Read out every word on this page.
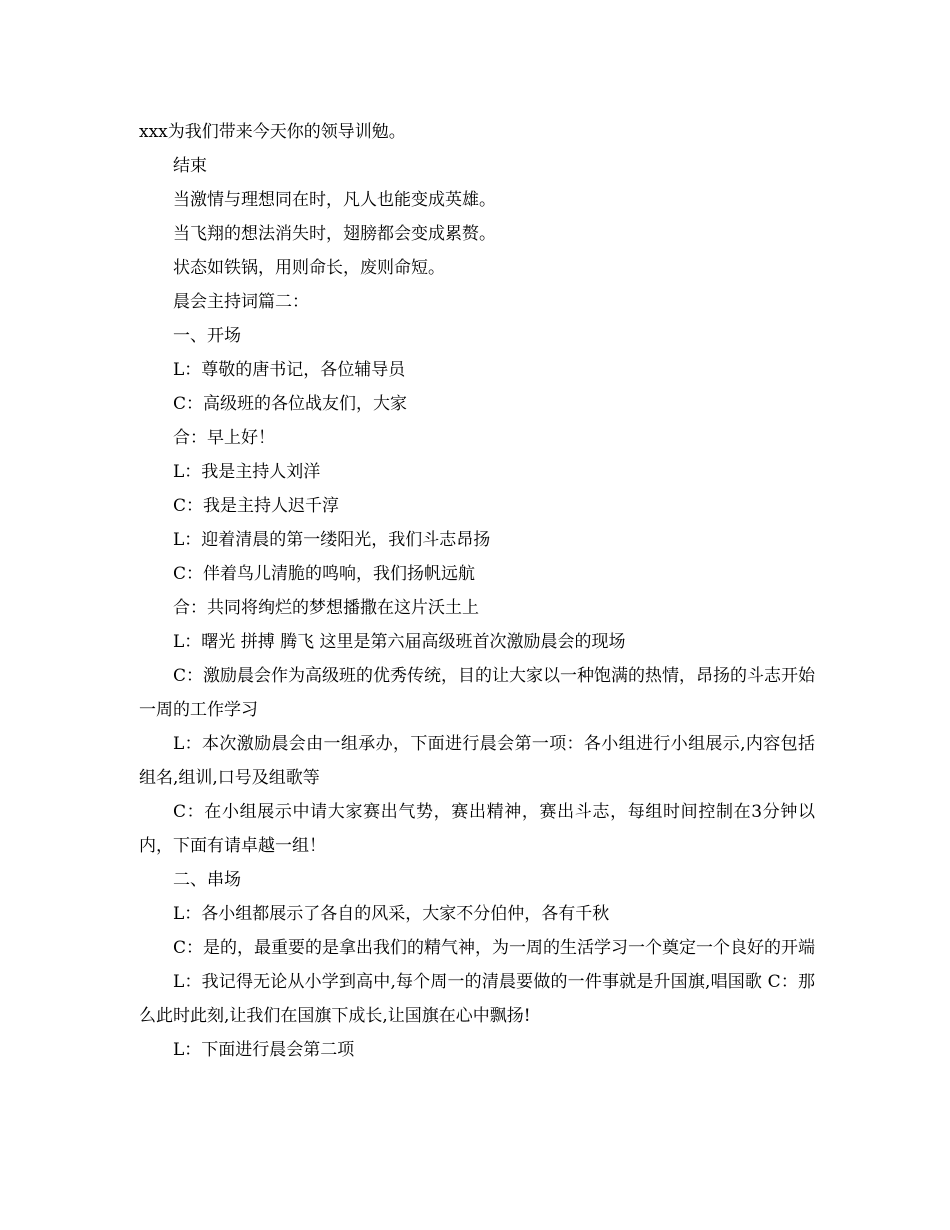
xxx为我们带来今天你的领导训勉。

结束

当激情与理想同在时，凡人也能变成英雄。

当飞翔的想法消失时，翅膀都会变成累赘。

状态如铁锅，用则命长，废则命短。

晨会主持词篇二：

一、开场

L：尊敬的唐书记，各位辅导员

C：高级班的各位战友们，大家

合：早上好！

L：我是主持人刘洋

C：我是主持人迟千淳

L：迎着清晨的第一缕阳光，我们斗志昂扬

C：伴着鸟儿清脆的鸣响，我们扬帆远航

合：共同将绚烂的梦想播撒在这片沃土上

L：曙光 拼搏 腾飞 这里是第六届高级班首次激励晨会的现场

C：激励晨会作为高级班的优秀传统，目的让大家以一种饱满的热情，昂扬的斗志开始一周的工作学习

L：本次激励晨会由一组承办，下面进行晨会第一项：各小组进行小组展示,内容包括组名,组训,口号及组歌等

C：在小组展示中请大家赛出气势，赛出精神，赛出斗志，每组时间控制在3分钟以内，下面有请卓越一组！

二、串场

L：各小组都展示了各自的风采，大家不分伯仲，各有千秋

C：是的，最重要的是拿出我们的精气神，为一周的生活学习一个奠定一个良好的开端

L：我记得无论从小学到高中,每个周一的清晨要做的一件事就是升国旗,唱国歌 C：那么此时此刻,让我们在国旗下成长,让国旗在心中飘扬!

L：下面进行晨会第二项
